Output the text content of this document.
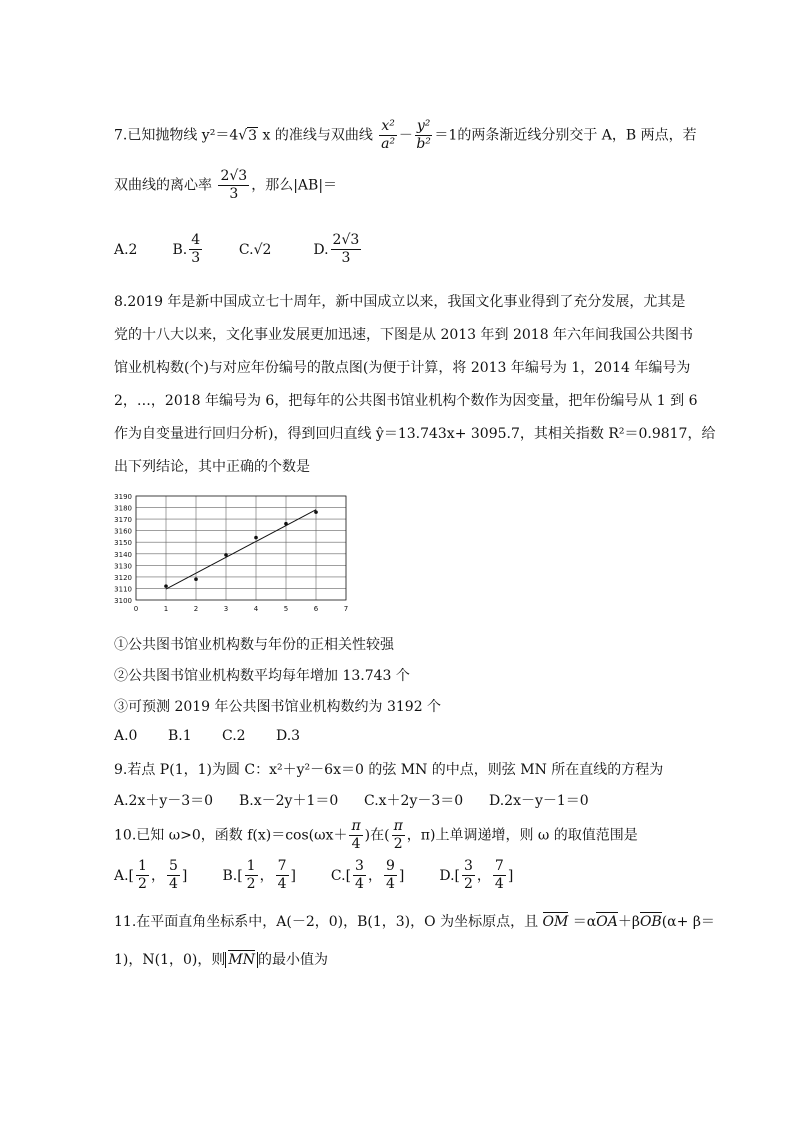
7.已知抛物线 y²＝4√3 x 的准线与双曲线 $\frac{\text{x²}}{\text{a²}} - \frac{\text{y²}}{\text{b²}} =1$的两条渐近线分别交于 A，B 两点，若
双曲线的离心率 $\frac{2√3}{3}$ ，那么|AB|＝
A.2 B. $\frac{4}{3}$	C.√2	D. $\frac{2√3}{3}$
8.2019 年是新中国成立七十周年，新中国成立以来，我国文化事业得到了充分发展，尤其是
党的十八大以来，文化事业发展更加迅速，下图是从 2013 年到 2018 年六年间我国公共图书
馆业机构数(个)与对应年份编号的散点图(为便于计算，将 2013 年编号为 1，2014 年编号为
2，…，2018 年编号为 6，把每年的公共图书馆业机构个数作为因变量，把年份编号从 1 到 6
作为自变量进行回归分析)，得到回归直线 ŷ＝13.743x+ 3095.7，其相关指数 R²＝0.9817，给
出下列结论，其中正确的个数是
3100
3110
3120
3130
3140
3150
3160
3170
3180
3190
0	1	2	3	4	5	6	7
①公共图书馆业机构数与年份的正相关性较强
②公共图书馆业机构数平均每年增加 13.743 个
③可预测 2019 年公共图书馆业机构数约为 3192 个
A.0 B.1 C.2 D.3
9.若点 P(1，1)为圆 C：x²＋y²－6x＝0 的弦 MN 的中点，则弦 MN 所在直线的方程为
A.2x＋y－3＝0 B.x－2y＋1＝0 C.x＋2y－3＝0 D.2x－y－1＝0
10.已知 ω>0，函数 $f(x)=\cos(\omega x+ \frac{\pi}{4}$ )在( $\frac{\pi}{2}$ ，π)上单调递增，则 ω 的取值范围是
$A.[ \frac{1}{2}$ ， $\frac{5}{4}$ ]	$B.[ \frac{1}{2}$ ， $\frac{7}{4}$ ] $C.[ \frac{3}{4}$ ， $\frac{9}{4}$ ]	$D.[ \frac{3}{2}$ ， $\frac{7}{4}$ ]
11.在平面直角坐标系中，A(－2，0)，B(1，3)，O 为坐标原点，且 OM ＝αOA＋βOB(α+ β＝
1)，N(1，0)，则 MN 的最小值为
